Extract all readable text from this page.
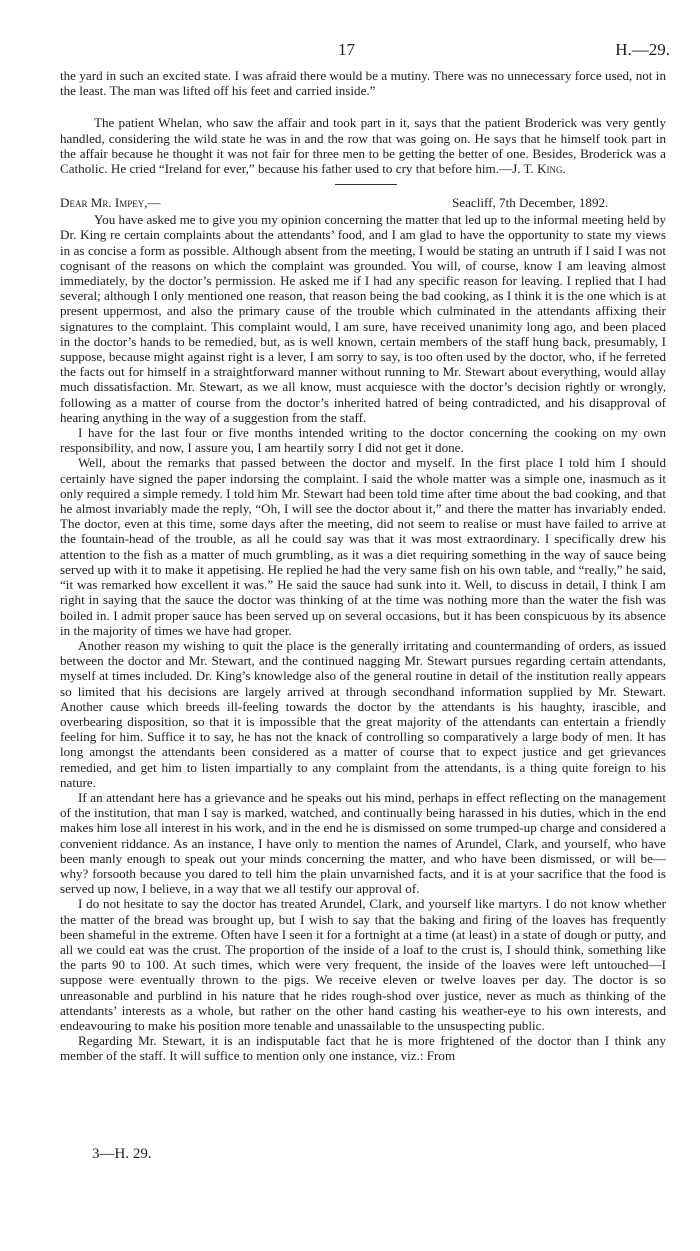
17	H.—29.

the yard in such an excited state. I was afraid there would be a mutiny. There was no unnecessary force used, not in the least. The man was lifted off his feet and carried inside.”

The patient Whelan, who saw the affair and took part in it, says that the patient Broderick was very gently handled, considering the wild state he was in and the row that was going on. He says that he himself took part in the affair because he thought it was not fair for three men to be getting the better of one. Besides, Broderick was a Catholic. He cried “Ireland for ever,” because his father used to cry that before him.—J. T. King.

Dear Mr. Impey,—	Seacliff, 7th December, 1892.

You have asked me to give you my opinion concerning the matter that led up to the informal meeting held by Dr. King re certain complaints about the attendants’ food, and I am glad to have the opportunity to state my views in as concise a form as possible. Although absent from the meeting, I would be stating an untruth if I said I was not cognisant of the reasons on which the complaint was grounded. You will, of course, know I am leaving almost immediately, by the doctor’s permission. He asked me if I had any specific reason for leaving. I replied that I had several; although I only mentioned one reason, that reason being the bad cooking, as I think it is the one which is at present uppermost, and also the primary cause of the trouble which culminated in the attendants affixing their signatures to the complaint. This complaint would, I am sure, have received unanimity long ago, and been placed in the doctor’s hands to be remedied, but, as is well known, certain members of the staff hung back, presumably, I suppose, because might against right is a lever, I am sorry to say, is too often used by the doctor, who, if he ferreted the facts out for himself in a straightforward manner without running to Mr. Stewart about everything, would allay much dissatisfaction. Mr. Stewart, as we all know, must acquiesce with the doctor’s decision rightly or wrongly, following as a matter of course from the doctor’s inherited hatred of being contradicted, and his disapproval of hearing anything in the way of a suggestion from the staff.

I have for the last four or five months intended writing to the doctor concerning the cooking on my own responsibility, and now, I assure you, I am heartily sorry I did not get it done.

Well, about the remarks that passed between the doctor and myself. In the first place I told him I should certainly have signed the paper indorsing the complaint. I said the whole matter was a simple one, inasmuch as it only required a simple remedy. I told him Mr. Stewart had been told time after time about the bad cooking, and that he almost invariably made the reply, “Oh, I will see the doctor about it,” and there the matter has invariably ended. The doctor, even at this time, some days after the meeting, did not seem to realise or must have failed to arrive at the fountain-head of the trouble, as all he could say was that it was most extraordinary. I specifically drew his attention to the fish as a matter of much grumbling, as it was a diet requiring something in the way of sauce being served up with it to make it appetising. He replied he had the very same fish on his own table, and “really,” he said, “it was remarked how excellent it was.” He said the sauce had sunk into it. Well, to discuss in detail, I think I am right in saying that the sauce the doctor was thinking of at the time was nothing more than the water the fish was boiled in. I admit proper sauce has been served up on several occasions, but it has been conspicuous by its absence in the majority of times we have had groper.

Another reason my wishing to quit the place is the generally irritating and countermanding of orders, as issued between the doctor and Mr. Stewart, and the continued nagging Mr. Stewart pursues regarding certain attendants, myself at times included. Dr. King’s knowledge also of the general routine in detail of the institution really appears so limited that his decisions are largely arrived at through secondhand information supplied by Mr. Stewart. Another cause which breeds ill-feeling towards the doctor by the attendants is his haughty, irascible, and overbearing disposition, so that it is impossible that the great majority of the attendants can entertain a friendly feeling for him. Suffice it to say, he has not the knack of controlling so comparatively a large body of men. It has long amongst the attendants been considered as a matter of course that to expect justice and get grievances remedied, and get him to listen impartially to any complaint from the attendants, is a thing quite foreign to his nature.

If an attendant here has a grievance and he speaks out his mind, perhaps in effect reflecting on the management of the institution, that man I say is marked, watched, and continually being harassed in his duties, which in the end makes him lose all interest in his work, and in the end he is dismissed on some trumped-up charge and considered a convenient riddance. As an instance, I have only to mention the names of Arundel, Clark, and yourself, who have been manly enough to speak out your minds concerning the matter, and who have been dismissed, or will be—why? forsooth because you dared to tell him the plain unvarnished facts, and it is at your sacrifice that the food is served up now, I believe, in a way that we all testify our approval of.

I do not hesitate to say the doctor has treated Arundel, Clark, and yourself like martyrs. I do not know whether the matter of the bread was brought up, but I wish to say that the baking and firing of the loaves has frequently been shameful in the extreme. Often have I seen it for a fortnight at a time (at least) in a state of dough or putty, and all we could eat was the crust. The proportion of the inside of a loaf to the crust is, I should think, something like the parts 90 to 100. At such times, which were very frequent, the inside of the loaves were left untouched—I suppose were eventually thrown to the pigs. We receive eleven or twelve loaves per day. The doctor is so unreasonable and purblind in his nature that he rides rough-shod over justice, never as much as thinking of the attendants’ interests as a whole, but rather on the other hand casting his weather-eye to his own interests, and endeavouring to make his position more tenable and unassailable to the unsuspecting public.

Regarding Mr. Stewart, it is an indisputable fact that he is more frightened of the doctor than I think any member of the staff. It will suffice to mention only one instance, viz.: From

3—H. 29.
